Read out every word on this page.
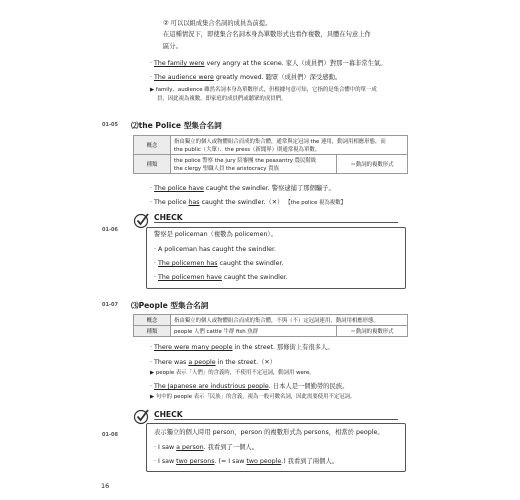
② 可以以組成集合名詞的成員為前提。
在這種情況下，即使集合名詞本身為單數形式也看作複數，具體在句意上作
區分。
· The family were very angry at the scene. 家人（成員們）對那一幕非常生氣。
· The audience were greatly moved. 聽眾（成員們）深受感動。
▶ family、audience 雖然名詞本身為單數形式，但根據句意可知，它指的是集合體中的單一成
員，因此視為複數，即家庭的成員們或聽眾的成員們。
01-05 ⑵the Police 型集合名詞
概念	指由獨立的個人或物體組合而成的集合體，通常與定冠詞 the 連用，動詞用相應形態，而
the public（大眾）、the press（新聞界）則通常視為單數。	

種類	the police 警察 the jury 陪審團 the peasantry 農民階級
the clergy 聖職人員 the aristocracy 貴族	＝動詞的複數形式
· The police have caught the swindler. 警察逮捕了那個騙子。
· The police has caught the swindler.（✕） 【the police 視為複數】
CHECK
01-06
警察是 policeman（複數為 policemen）。
· A policeman has caught the swindler.
· The policemen has caught the swindler.
· The policemen have caught the swindler.
01-07 ⑶People 型集合名詞
概念	指由獨立的個人或物體組合而成的集合體，不與（不）定冠詞連用，動詞用相應形態。	
種類	people 人們 cattle 牛群 fish 魚群	＝動詞的複數形式
· There were many people in the street. 那條街上有很多人。
· There was a people in the street.（✕）
▶ people 表示「人們」的含義時，不使用不定冠詞，動詞用 were。
· The Japanese are industrious people. 日本人是一個勤勞的民族。
▶ 句中的 people 表示「民族」的含義，視為一般可數名詞，因此需要使用不定冠詞。
CHECK
01-08	表示獨立的個人時用 person，person 的複數形式為 persons，相當於 people。
· I saw a person. 我看到了一個人。
· I saw two persons. (= I saw two people.) 我看到了兩個人。
16
